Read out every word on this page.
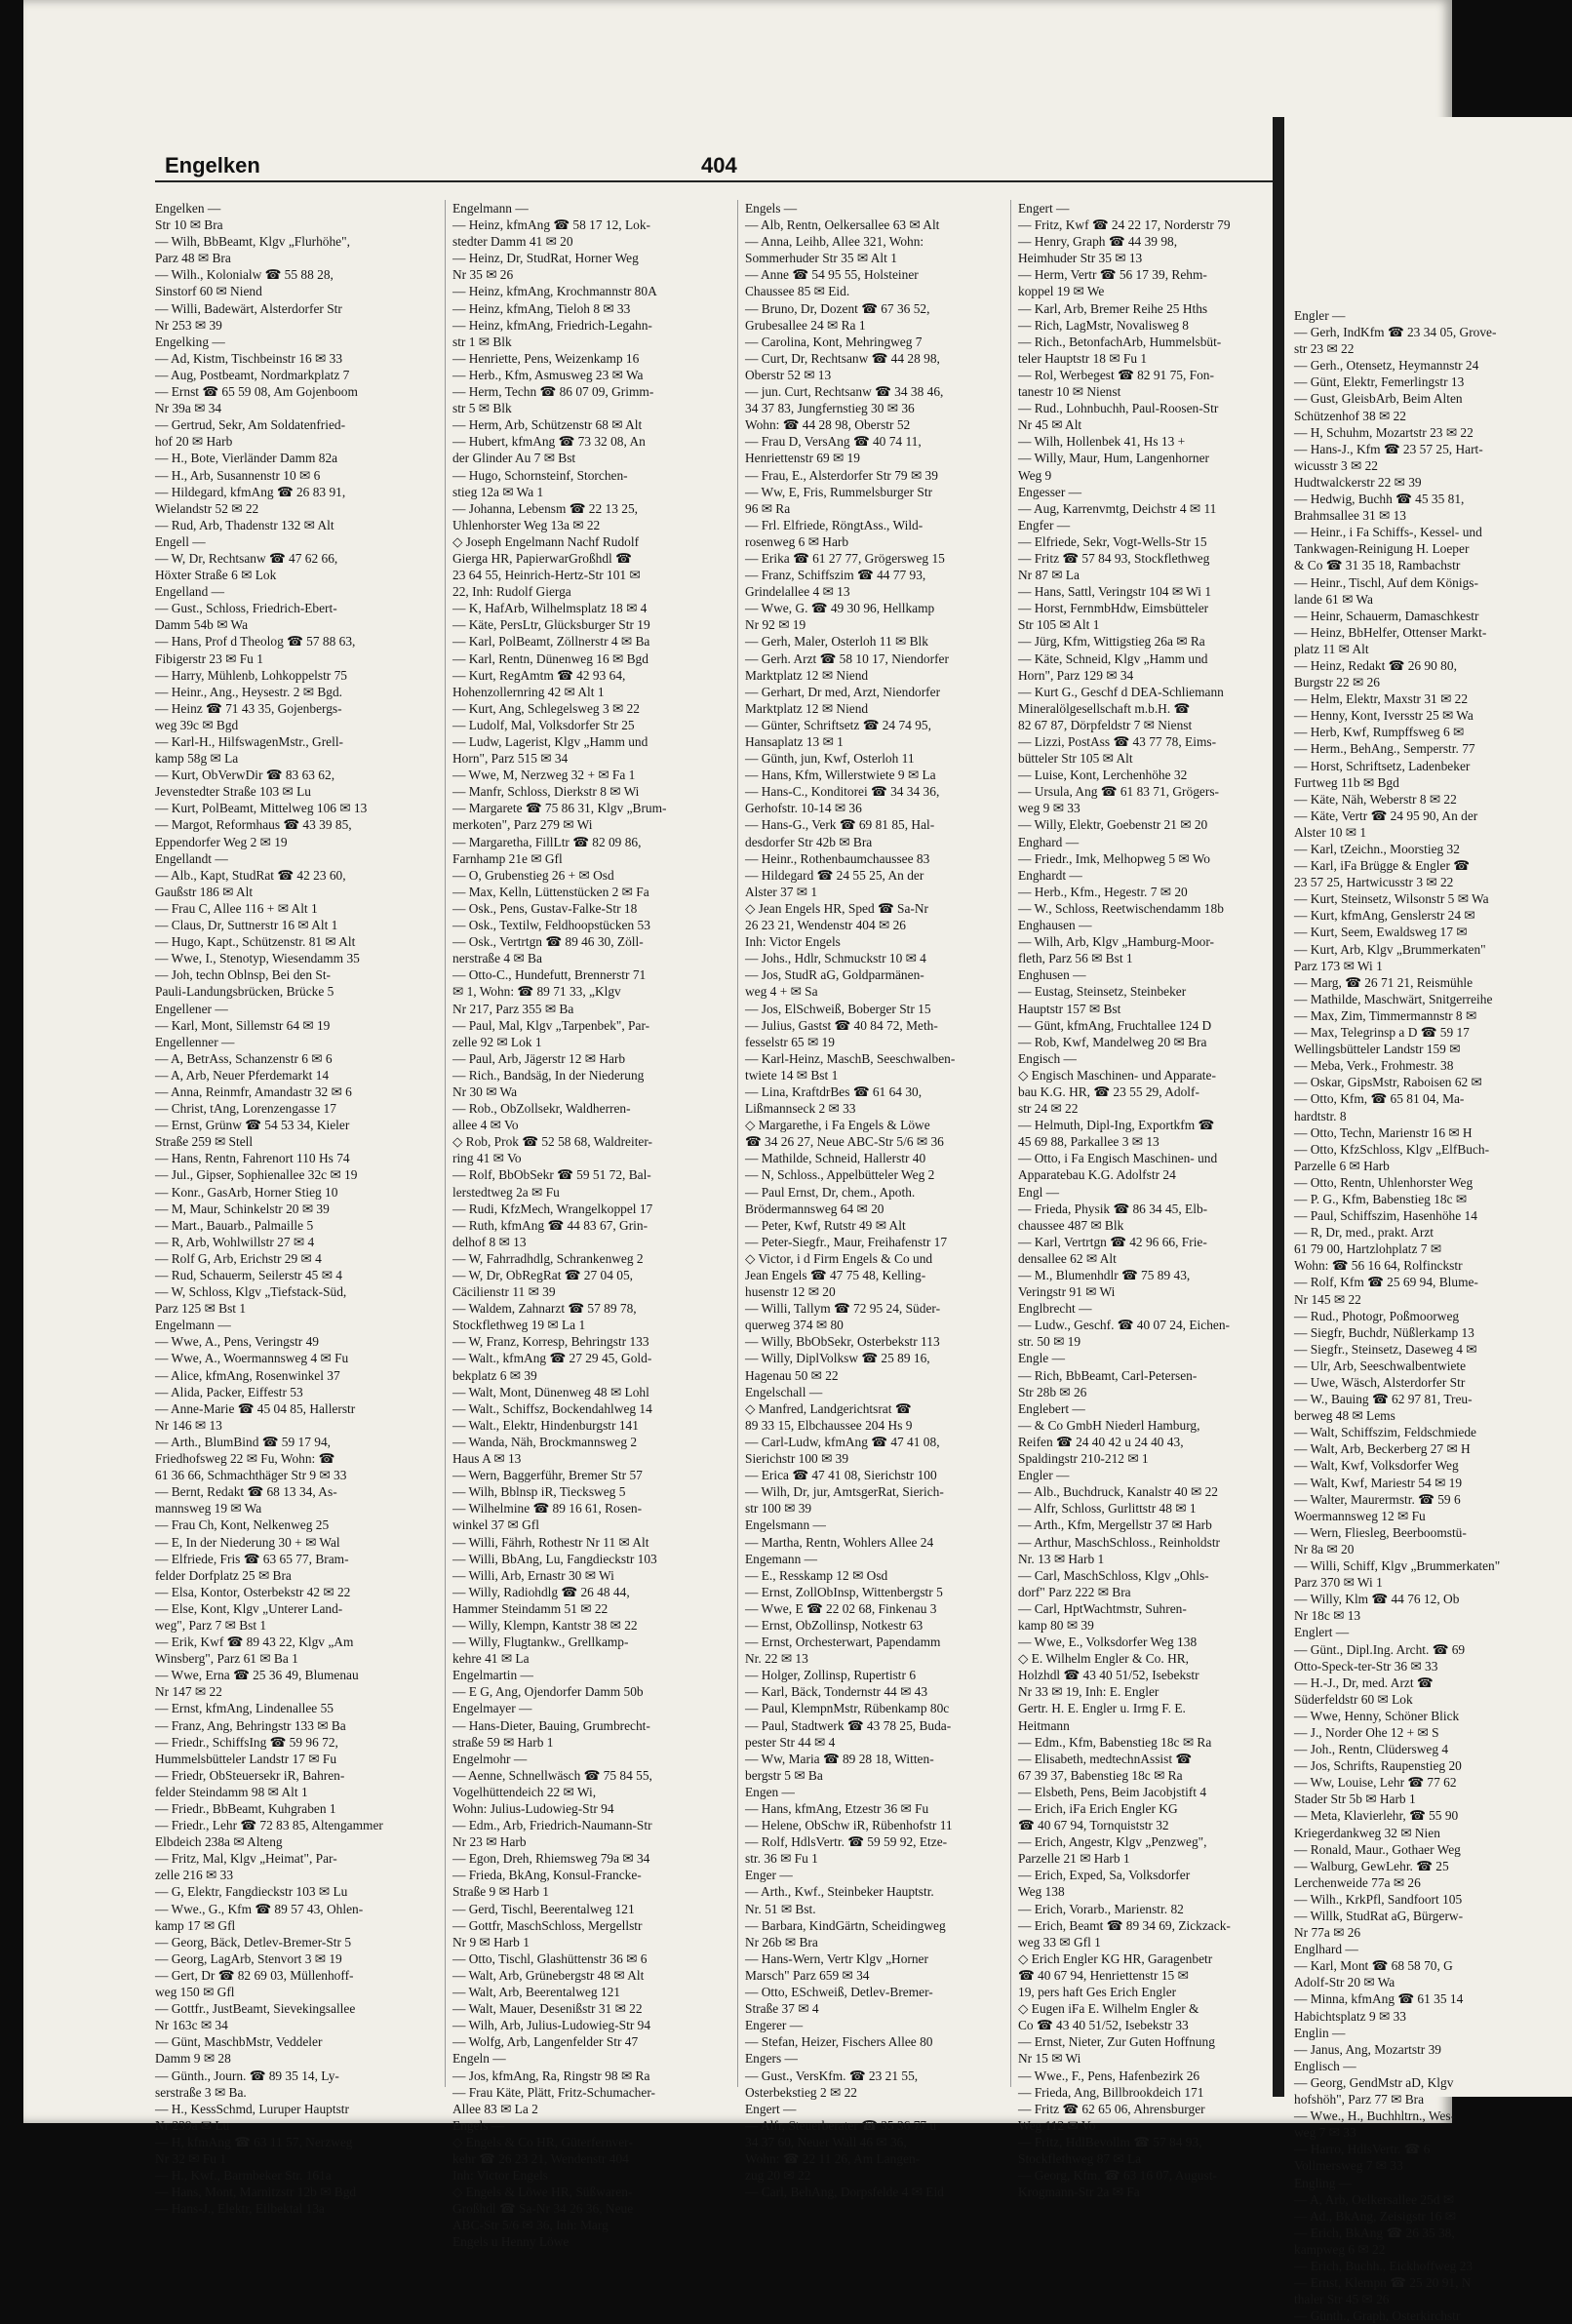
Engelken	404

Engelken —

Str 10 ✉ Bra

— Wilh, BbBeamt, Klgv „Flurhöhe",

Parz 48 ✉ Bra

— Wilh., Kolonialw ☎ 55 88 28,

Sinstorf 60 ✉ Niend

— Willi, Badewärt, Alsterdorfer Str

Nr 253 ✉ 39

Engelking —

— Ad, Kistm, Tischbeinstr 16 ✉ 33

— Aug, Postbeamt, Nordmarkplatz 7

— Ernst ☎ 65 59 08, Am Gojenboom

Nr 39a ✉ 34

— Gertrud, Sekr, Am Soldatenfried-

hof 20 ✉ Harb

— H., Bote, Vierländer Damm 82a

— H., Arb, Susannenstr 10 ✉ 6

— Hildegard, kfmAng ☎ 26 83 91,

Wielandstr 52 ✉ 22

— Rud, Arb, Thadenstr 132 ✉ Alt

Engell —

— W, Dr, Rechtsanw ☎ 47 62 66,

Höxter Straße 6 ✉ Lok

Engelland —

— Gust., Schloss, Friedrich-Ebert-

Damm 54b ✉ Wa

— Hans, Prof d Theolog ☎ 57 88 63,

Fibigerstr 23 ✉ Fu 1

— Harry, Mühlenb, Lohkoppelstr 75

— Heinr., Ang., Heysestr. 2 ✉ Bgd.

— Heinz ☎ 71 43 35, Gojenbergs-

weg 39c ✉ Bgd

— Karl-H., HilfswagenMstr., Grell-

kamp 58g ✉ La

— Kurt, ObVerwDir ☎ 83 63 62,

Jevenstedter Straße 103 ✉ Lu

— Kurt, PolBeamt, Mittelweg 106 ✉ 13

— Margot, Reformhaus ☎ 43 39 85,

Eppendorfer Weg 2 ✉ 19

Engellandt —

— Alb., Kapt, StudRat ☎ 42 23 60,

Gaußstr 186 ✉ Alt

— Frau C, Allee 116 + ✉ Alt 1

— Claus, Dr, Suttnerstr 16 ✉ Alt 1

— Hugo, Kapt., Schützenstr. 81 ✉ Alt

— Wwe, I., Stenotyp, Wiesendamm 35

— Joh, techn Oblnsp, Bei den St-

Pauli-Landungsbrücken, Brücke 5

Engellener —

— Karl, Mont, Sillemstr 64 ✉ 19

Engellenner —

— A, BetrAss, Schanzenstr 6 ✉ 6

— A, Arb, Neuer Pferdemarkt 14

— Anna, Reinmfr, Amandastr 32 ✉ 6

— Christ, tAng, Lorenzengasse 17

— Ernst, Grünw ☎ 54 53 34, Kieler

Straße 259 ✉ Stell

— Hans, Rentn, Fahrenort 110 Hs 74

— Jul., Gipser, Sophienallee 32c ✉ 19

— Konr., GasArb, Horner Stieg 10

— M, Maur, Schinkelstr 20 ✉ 39

— Mart., Bauarb., Palmaille 5

— R, Arb, Wohlwillstr 27 ✉ 4

— Rolf G, Arb, Erichstr 29 ✉ 4

— Rud, Schauerm, Seilerstr 45 ✉ 4

— W, Schloss, Klgv „Tiefstack-Süd,

Parz 125 ✉ Bst 1

Engelmann —

— Wwe, A., Pens, Veringstr 49

— Wwe, A., Woermannsweg 4 ✉ Fu

— Alice, kfmAng, Rosenwinkel 37

— Alida, Packer, Eiffestr 53

— Anne-Marie ☎ 45 04 85, Hallerstr

Nr 146 ✉ 13

— Arth., BlumBind ☎ 59 17 94,

Friedhofsweg 22 ✉ Fu, Wohn: ☎

61 36 66, Schmachthäger Str 9 ✉ 33

— Bernt, Redakt ☎ 68 13 34, As-

mannsweg 19 ✉ Wa

— Frau Ch, Kont, Nelkenweg 25

— E, In der Niederung 30 + ✉ Wal

— Elfriede, Fris ☎ 63 65 77, Bram-

felder Dorfplatz 25 ✉ Bra

— Elsa, Kontor, Osterbekstr 42 ✉ 22

— Else, Kont, Klgv „Unterer Land-

weg", Parz 7 ✉ Bst 1

— Erik, Kwf ☎ 89 43 22, Klgv „Am

Winsberg", Parz 61 ✉ Ba 1

— Wwe, Erna ☎ 25 36 49, Blumenau

Nr 147 ✉ 22

— Ernst, kfmAng, Lindenallee 55

— Franz, Ang, Behringstr 133 ✉ Ba

— Friedr., SchiffsIng ☎ 59 96 72,

Hummelsbütteler Landstr 17 ✉ Fu

— Friedr, ObSteuersekr iR, Bahren-

felder Steindamm 98 ✉ Alt 1

— Friedr., BbBeamt, Kuhgraben 1

— Friedr., Lehr ☎ 72 83 85, Altengammer

Elbdeich 238a ✉ Alteng

— Fritz, Mal, Klgv „Heimat", Par-

zelle 216 ✉ 33

— G, Elektr, Fangdieckstr 103 ✉ Lu

— Wwe., G., Kfm ☎ 89 57 43, Ohlen-

kamp 17 ✉ Gfl

— Georg, Bäck, Detlev-Bremer-Str 5

— Georg, LagArb, Stenvort 3 ✉ 19

— Gert, Dr ☎ 82 69 03, Müllenhoff-

weg 150 ✉ Gfl

— Gottfr., JustBeamt, Sievekingsallee

Nr 163c ✉ 34

— Günt, MaschbMstr, Veddeler

Damm 9 ✉ 28

— Günth., Journ. ☎ 89 35 14, Ly-

serstraße 3 ✉ Ba.

— H., KessSchmd, Luruper Hauptstr

Nr 239a ✉ Lu

— H, kfmAng ☎ 63 11 57, Nerzweg

Nr 32 ✉ Fu 1

— H., Kwf., Barmbeker Str. 161a

— Hans, Mont, Marnitzstr 12b ✉ Bgd

— Hans-J., Elektr, Eilbektal 13a

Engelmann —

— Heinz, kfmAng ☎ 58 17 12, Lok-

stedter Damm 41 ✉ 20

— Heinz, Dr, StudRat, Horner Weg

Nr 35 ✉ 26

— Heinz, kfmAng, Krochmannstr 80A

— Heinz, kfmAng, Tieloh 8 ✉ 33

— Heinz, kfmAng, Friedrich-Legahn-

str 1 ✉ Blk

— Henriette, Pens, Weizenkamp 16

— Herb., Kfm, Asmusweg 23 ✉ Wa

— Herm, Techn ☎ 86 07 09, Grimm-

str 5 ✉ Blk

— Herm, Arb, Schützenstr 68 ✉ Alt

— Hubert, kfmAng ☎ 73 32 08, An

der Glinder Au 7 ✉ Bst

— Hugo, Schornsteinf, Storchen-

stieg 12a ✉ Wa 1

— Johanna, Lebensm ☎ 22 13 25,

Uhlenhorster Weg 13a ✉ 22

◇ Joseph Engelmann Nachf Rudolf

Gierga HR, PapierwarGroßhdl ☎

23 64 55, Heinrich-Hertz-Str 101 ✉

22, Inh: Rudolf Gierga

— K, HafArb, Wilhelmsplatz 18 ✉ 4

— Käte, PersLtr, Glücksburger Str 19

— Karl, PolBeamt, Zöllnerstr 4 ✉ Ba

— Karl, Rentn, Dünenweg 16 ✉ Bgd

— Kurt, RegAmtm ☎ 42 93 64,

Hohenzollernring 42 ✉ Alt 1

— Kurt, Ang, Schlegelsweg 3 ✉ 22

— Ludolf, Mal, Volksdorfer Str 25

— Ludw, Lagerist, Klgv „Hamm und

Horn", Parz 515 ✉ 34

— Wwe, M, Nerzweg 32 + ✉ Fa 1

— Manfr, Schloss, Dierkstr 8 ✉ Wi

— Margarete ☎ 75 86 31, Klgv „Brum-

merkoten", Parz 279 ✉ Wi

— Margaretha, FillLtr ☎ 82 09 86,

Farnhamp 21e ✉ Gfl

— O, Grubenstieg 26 + ✉ Osd

— Max, Kelln, Lüttenstücken 2 ✉ Fa

— Osk., Pens, Gustav-Falke-Str 18

— Osk., Textilw, Feldhoopstücken 53

— Osk., Vertrtgn ☎ 89 46 30, Zöll-

nerstraße 4 ✉ Ba

— Otto-C., Hundefutt, Brennerstr 71

✉ 1, Wohn: ☎ 89 71 33, „Klgv

Nr 217, Parz 355 ✉ Ba

— Paul, Mal, Klgv „Tarpenbek", Par-

zelle 92 ✉ Lok 1

— Paul, Arb, Jägerstr 12 ✉ Harb

— Rich., Bandsäg, In der Niederung

Nr 30 ✉ Wa

— Rob., ObZollsekr, Waldherren-

allee 4 ✉ Vo

◇ Rob, Prok ☎ 52 58 68, Waldreiter-

ring 41 ✉ Vo

— Rolf, BbObSekr ☎ 59 51 72, Bal-

lerstedtweg 2a ✉ Fu

— Rudi, KfzMech, Wrangelkoppel 17

— Ruth, kfmAng ☎ 44 83 67, Grin-

delhof 8 ✉ 13

— W, Fahrradhdlg, Schrankenweg 2

— W, Dr, ObRegRat ☎ 27 04 05,

Cäcilienstr 11 ✉ 39

— Waldem, Zahnarzt ☎ 57 89 78,

Stockflethweg 19 ✉ La 1

— W, Franz, Korresp, Behringstr 133

— Walt., kfmAng ☎ 27 29 45, Gold-

bekplatz 6 ✉ 39

— Walt, Mont, Dünenweg 48 ✉ Lohl

— Walt., Schiffsz, Bockendahlweg 14

— Walt., Elektr, Hindenburgstr 141

— Wanda, Näh, Brockmannsweg 2

Haus A ✉ 13

— Wern, Baggerführ, Bremer Str 57

— Wilh, Bblnsp iR, Tiecksweg 5

— Wilhelmine ☎ 89 16 61, Rosen-

winkel 37 ✉ Gfl

— Willi, Fährh, Rothestr Nr 11 ✉ Alt

— Willi, BbAng, Lu, Fangdieckstr 103

— Willi, Arb, Ernastr 30 ✉ Wi

— Willy, Radiohdlg ☎ 26 48 44,

Hammer Steindamm 51 ✉ 22

— Willy, Klempn, Kantstr 38 ✉ 22

— Willy, Flugtankw., Grellkamp-

kehre 41 ✉ La

Engelmartin —

— E G, Ang, Ojendorfer Damm 50b

Engelmayer —

— Hans-Dieter, Bauing, Grumbrecht-

straße 59 ✉ Harb 1

Engelmohr —

— Aenne, Schnellwäsch ☎ 75 84 55,

Vogelhüttendeich 22 ✉ Wi,

Wohn: Julius-Ludowieg-Str 94

— Edm., Arb, Friedrich-Naumann-Str

Nr 23 ✉ Harb

— Egon, Dreh, Rhiemsweg 79a ✉ 34

— Frieda, BkAng, Konsul-Francke-

Straße 9 ✉ Harb 1

— Gerd, Tischl, Beerentalweg 121

— Gottfr, MaschSchloss, Mergellstr

Nr 9 ✉ Harb 1

— Otto, Tischl, Glashüttenstr 36 ✉ 6

— Walt, Arb, Grünebergstr 48 ✉ Alt

— Walt, Arb, Beerentalweg 121

— Walt, Mauer, Desenißstr 31 ✉ 22

— Wilh, Arb, Julius-Ludowieg-Str 94

— Wolfg, Arb, Langenfelder Str 47

Engeln —

— Jos, kfmAng, Ra, Ringstr 98 ✉ Ra

— Frau Käte, Plätt, Fritz-Schumacher-

Allee 83 ✉ La 2

Engels —

◇ Engels & Co HR, Güterfernver-

kehr ☎ 26 23 21, Wendenstr 404

Inh: Victor Engels

◇ Engels & Löwe HR, Süßwaren-

Großhdl ☎ Sa-Nr 34 26 36, Neue

ABC-Str 5/6 ✉ 36, Inh: Marg

Engels u Henny Löwe

Engels —

— Alb, Rentn, Oelkersallee 63 ✉ Alt

— Anna, Leihb, Allee 321, Wohn:

Sommerhuder Str 35 ✉ Alt 1

— Anne ☎ 54 95 55, Holsteiner

Chaussee 85 ✉ Eid.

— Bruno, Dr, Dozent ☎ 67 36 52,

Grubesallee 24 ✉ Ra 1

— Carolina, Kont, Mehringweg 7

— Curt, Dr, Rechtsanw ☎ 44 28 98,

Oberstr 52 ✉ 13

— jun. Curt, Rechtsanw ☎ 34 38 46,

34 37 83, Jungfernstieg 30 ✉ 36

Wohn: ☎ 44 28 98, Oberstr 52

— Frau D, VersAng ☎ 40 74 11,

Henriettenstr 69 ✉ 19

— Frau, E., Alsterdorfer Str 79 ✉ 39

— Ww, E, Fris, Rummelsburger Str

96 ✉ Ra

— Frl. Elfriede, RöngtAss., Wild-

rosenweg 6 ✉ Harb

— Erika ☎ 61 27 77, Grögersweg 15

— Franz, Schiffszim ☎ 44 77 93,

Grindelallee 4 ✉ 13

— Wwe, G. ☎ 49 30 96, Hellkamp

Nr 92 ✉ 19

— Gerh, Maler, Osterloh 11 ✉ Blk

— Gerh. Arzt ☎ 58 10 17, Niendorfer

Marktplatz 12 ✉ Niend

— Gerhart, Dr med, Arzt, Niendorfer

Marktplatz 12 ✉ Niend

— Günter, Schriftsetz ☎ 24 74 95,

Hansaplatz 13 ✉ 1

— Günth, jun, Kwf, Osterloh 11

— Hans, Kfm, Willerstwiete 9 ✉ La

— Hans-C., Konditorei ☎ 34 34 36,

Gerhofstr. 10-14 ✉ 36

— Hans-G., Verk ☎ 69 81 85, Hal-

desdorfer Str 42b ✉ Bra

— Heinr., Rothenbaumchaussee 83

— Hildegard ☎ 24 55 25, An der

Alster 37 ✉ 1

◇ Jean Engels HR, Sped ☎ Sa-Nr

26 23 21, Wendenstr 404 ✉ 26

Inh: Victor Engels

— Johs., Hdlr, Schmuckstr 10 ✉ 4

— Jos, StudR aG, Goldparmänen-

weg 4 + ✉ Sa

— Jos, ElSchweiß, Boberger Str 15

— Julius, Gastst ☎ 40 84 72, Meth-

fesselstr 65 ✉ 19

— Karl-Heinz, MaschB, Seeschwalben-

twiete 14 ✉ Bst 1

— Lina, KraftdrBes ☎ 61 64 30,

Lißmannseck 2 ✉ 33

◇ Margarethe, i Fa Engels & Löwe

☎ 34 26 27, Neue ABC-Str 5/6 ✉ 36

— Mathilde, Schneid, Hallerstr 40

— N, Schloss., Appelbütteler Weg 2

— Paul Ernst, Dr, chem., Apoth.

Brödermannsweg 64 ✉ 20

— Peter, Kwf, Rutstr 49 ✉ Alt

— Peter-Siegfr., Maur, Freihafenstr 17

◇ Victor, i d Firm Engels & Co und

Jean Engels ☎ 47 75 48, Kelling-

husenstr 12 ✉ 20

— Willi, Tallym ☎ 72 95 24, Süder-

querweg 374 ✉ 80

— Willy, BbObSekr, Osterbekstr 113

— Willy, DiplVolksw ☎ 25 89 16,

Hagenau 50 ✉ 22

Engelschall —

◇ Manfred, Landgerichtsrat ☎

89 33 15, Elbchaussee 204 Hs 9

— Carl-Ludw, kfmAng ☎ 47 41 08,

Sierichstr 100 ✉ 39

— Erica ☎ 47 41 08, Sierichstr 100

— Wilh, Dr, jur, AmtsgerRat, Sierich-

str 100 ✉ 39

Engelsmann —

— Martha, Rentn, Wohlers Allee 24

Engemann —

— E., Resskamp 12 ✉ Osd

— Ernst, ZollObInsp, Wittenbergstr 5

— Wwe, E ☎ 22 02 68, Finkenau 3

— Ernst, ObZollinsp, Notkestr 63

— Ernst, Orchesterwart, Papendamm

Nr. 22 ✉ 13

— Holger, Zollinsp, Rupertistr 6

— Karl, Bäck, Tondernstr 44 ✉ 43

— Paul, KlempnMstr, Rübenkamp 80c

— Paul, Stadtwerk ☎ 43 78 25, Buda-

pester Str 44 ✉ 4

— Ww, Maria ☎ 89 28 18, Witten-

bergstr 5 ✉ Ba

Engen —

— Hans, kfmAng, Etzestr 36 ✉ Fu

— Helene, ObSchw iR, Rübenhofstr 11

— Rolf, HdlsVertr. ☎ 59 59 92, Etze-

str. 36 ✉ Fu 1

Enger —

— Arth., Kwf., Steinbeker Hauptstr.

Nr. 51 ✉ Bst.

— Barbara, KindGärtn, Scheidingweg

Nr 26b ✉ Bra

— Hans-Wern, Vertr Klgv „Horner

Marsch" Parz 659 ✉ 34

— Otto, ESchweiß, Detlev-Bremer-

Straße 37 ✉ 4

Engerer —

— Stefan, Heizer, Fischers Allee 80

Engers —

— Gust., VersKfm. ☎ 23 21 55,

Osterbekstieg 2 ✉ 22

Engert —

— Alfr, Steuerberater ☎ 35 36 77 u

34 37 60, Neuer Wall 46 ✉ 36,

Wohn: ☎ 22 11 26, Am Langen-

zug 20 ✉ 22

— Carl, BehAng, Dorpsfelde 4 ✉ Eid

Engert —

— Fritz, Kwf ☎ 24 22 17, Norderstr 79

— Henry, Graph ☎ 44 39 98,

Heimhuder Str 35 ✉ 13

— Herm, Vertr ☎ 56 17 39, Rehm-

koppel 19 ✉ We

— Karl, Arb, Bremer Reihe 25 Hths

— Rich, LagMstr, Novalisweg 8

— Rich., BetonfachArb, Hummelsbüt-

teler Hauptstr 18 ✉ Fu 1

— Rol, Werbegest ☎ 82 91 75, Fon-

tanestr 10 ✉ Nienst

— Rud., Lohnbuchh, Paul-Roosen-Str

Nr 45 ✉ Alt

— Wilh, Hollenbek 41, Hs 13 +

— Willy, Maur, Hum, Langenhorner

Weg 9

Engesser —

— Aug, Karrenvmtg, Deichstr 4 ✉ 11

Engfer —

— Elfriede, Sekr, Vogt-Wells-Str 15

— Fritz ☎ 57 84 93, Stockflethweg

Nr 87 ✉ La

— Hans, Sattl, Veringstr 104 ✉ Wi 1

— Horst, FernmbHdw, Eimsbütteler

Str 105 ✉ Alt 1

— Jürg, Kfm, Wittigstieg 26a ✉ Ra

— Käte, Schneid, Klgv „Hamm und

Horn", Parz 129 ✉ 34

— Kurt G., Geschf d DEA-Schliemann

Mineralölgesellschaft m.b.H. ☎

82 67 87, Dörpfeldstr 7 ✉ Nienst

— Lizzi, PostAss ☎ 43 77 78, Eims-

bütteler Str 105 ✉ Alt

— Luise, Kont, Lerchenhöhe 32

— Ursula, Ang ☎ 61 83 71, Grögers-

weg 9 ✉ 33

— Willy, Elektr, Goebenstr 21 ✉ 20

Enghard —

— Friedr., Imk, Melhopweg 5 ✉ Wo

Enghardt —

— Herb., Kfm., Hegestr. 7 ✉ 20

— W., Schloss, Reetwischendamm 18b

Enghausen —

— Wilh, Arb, Klgv „Hamburg-Moor-

fleth, Parz 56 ✉ Bst 1

Enghusen —

— Eustag, Steinsetz, Steinbeker

Hauptstr 157 ✉ Bst

— Günt, kfmAng, Fruchtallee 124 D

— Rob, Kwf, Mandelweg 20 ✉ Bra

Engisch —

◇ Engisch Maschinen- und Apparate-

bau K.G. HR, ☎ 23 55 29, Adolf-

str 24 ✉ 22

— Helmuth, Dipl-Ing, Exportkfm ☎

45 69 88, Parkallee 3 ✉ 13

— Otto, i Fa Engisch Maschinen- und

Apparatebau K.G. Adolfstr 24

Engl —

— Frieda, Physik ☎ 86 34 45, Elb-

chaussee 487 ✉ Blk

— Karl, Vertrtgn ☎ 42 96 66, Frie-

densallee 62 ✉ Alt

— M., Blumenhdlr ☎ 75 89 43,

Veringstr 91 ✉ Wi

Englbrecht —

— Ludw., Geschf. ☎ 40 07 24, Eichen-

str. 50 ✉ 19

Engle —

— Rich, BbBeamt, Carl-Petersen-

Str 28b ✉ 26

Englebert —

— & Co GmbH Niederl Hamburg,

Reifen ☎ 24 40 42 u 24 40 43,

Spaldingstr 210-212 ✉ 1

Engler —

— Alb., Buchdruck, Kanalstr 40 ✉ 22

— Alfr, Schloss, Gurlittstr 48 ✉ 1

— Arth., Kfm, Mergellstr 37 ✉ Harb

— Arthur, MaschSchloss., Reinholdstr

Nr. 13 ✉ Harb 1

— Carl, MaschSchloss, Klgv „Ohls-

dorf" Parz 222 ✉ Bra

— Carl, HptWachtmstr, Suhren-

kamp 80 ✉ 39

— Wwe, E., Volksdorfer Weg 138

◇ E. Wilhelm Engler & Co. HR,

Holzhdl ☎ 43 40 51/52, Isebekstr

Nr 33 ✉ 19, Inh: E. Engler

Gertr. H. E. Engler u. Irmg F. E.

Heitmann

— Edm., Kfm, Babenstieg 18c ✉ Ra

— Elisabeth, medtechnAssist ☎

67 39 37, Babenstieg 18c ✉ Ra

— Elsbeth, Pens, Beim Jacobjstift 4

— Erich, iFa Erich Engler KG

☎ 40 67 94, Tornquiststr 32

— Erich, Angestr, Klgv „Penzweg",

Parzelle 21 ✉ Harb 1

— Erich, Exped, Sa, Volksdorfer

Weg 138

— Erich, Vorarb., Marienstr. 82

— Erich, Beamt ☎ 89 34 69, Zickzack-

weg 33 ✉ Gfl 1

◇ Erich Engler KG HR, Garagenbetr

☎ 40 67 94, Henriettenstr 15 ✉

19, pers haft Ges Erich Engler

◇ Eugen iFa E. Wilhelm Engler &

Co ☎ 43 40 51/52, Isebekstr 33

— Ernst, Nieter, Zur Guten Hoffnung

Nr 15 ✉ Wi

— Wwe., F., Pens, Hafenbezirk 26

— Frieda, Ang, Billbrookdeich 171

— Fritz ☎ 62 65 06, Ahrensburger

Weg 112 ✉ Vo

— Fritz, HdlBevollm ☎ 57 84 93,

Stockflethweg 87 ✉ La

— Georg, Kfm. ☎ 63 16 07, August-

Krogmann-Str 2a ✉ Fa

Engler —

— Gerh, IndKfm ☎ 23 34 05, Grove-

str 23 ✉ 22

— Gerh., Otensetz, Heymannstr 24

— Günt, Elektr, Femerlingstr 13

— Gust, GleisbArb, Beim Alten

Schützenhof 38 ✉ 22

— H, Schuhm, Mozartstr 23 ✉ 22

— Hans-J., Kfm ☎ 23 57 25, Hart-

wicusstr 3 ✉ 22

Hudtwalckerstr 22 ✉ 39

— Hedwig, Buchh ☎ 45 35 81,

Brahmsallee 31 ✉ 13

— Heinr., i Fa Schiffs-, Kessel- und

Tankwagen-Reinigung H. Loeper

& Co ☎ 31 35 18, Rambachstr

— Heinr., Tischl, Auf dem Königs-

lande 61 ✉ Wa

— Heinr, Schauerm, Damaschkestr

— Heinz, BbHelfer, Ottenser Markt-

platz 11 ✉ Alt

— Heinz, Redakt ☎ 26 90 80,

Burgstr 22 ✉ 26

— Helm, Elektr, Maxstr 31 ✉ 22

— Henny, Kont, Iversstr 25 ✉ Wa

— Herb, Kwf, Rumpffsweg 6 ✉

— Herm., BehAng., Semperstr. 77

— Horst, Schriftsetz, Ladenbeker

Furtweg 11b ✉ Bgd

— Käte, Näh, Weberstr 8 ✉ 22

— Käte, Vertr ☎ 24 95 90, An der

Alster 10 ✉ 1

— Karl, tZeichn., Moorstieg 32

— Karl, iFa Brügge & Engler ☎

23 57 25, Hartwicusstr 3 ✉ 22

— Kurt, Steinsetz, Wilsonstr 5 ✉ Wa

— Kurt, kfmAng, Genslerstr 24 ✉

— Kurt, Seem, Ewaldsweg 17 ✉

— Kurt, Arb, Klgv „Brummerkaten"

Parz 173 ✉ Wi 1

— Marg, ☎ 26 71 21, Reismühle

— Mathilde, Maschwärt, Snitgerreihe

— Max, Zim, Timmermannstr 8 ✉

— Max, Telegrinsp a D ☎ 59 17

Wellingsbütteler Landstr 159 ✉

— Meba, Verk., Frohmestr. 38

— Oskar, GipsMstr, Raboisen 62 ✉

— Otto, Kfm, ☎ 65 81 04, Ma-

hardtstr. 8

— Otto, Techn, Marienstr 16 ✉ H

— Otto, KfzSchloss, Klgv „ElfBuch-

Parzelle 6 ✉ Harb

— Otto, Rentn, Uhlenhorster Weg

— P. G., Kfm, Babenstieg 18c ✉

— Paul, Schiffszim, Hasenhöhe 14

— R, Dr, med., prakt. Arzt

61 79 00, Hartzlohplatz 7 ✉

Wohn: ☎ 56 16 64, Rolfinckstr

— Rolf, Kfm ☎ 25 69 94, Blume-

Nr 145 ✉ 22

— Rud., Photogr, Poßmoorweg

— Siegfr, Buchdr, Nüßlerkamp 13

— Siegfr., Steinsetz, Daseweg 4 ✉

— Ulr, Arb, Seeschwalbentwiete

— Uwe, Wäsch, Alsterdorfer Str

— W., Bauing ☎ 62 97 81, Treu-

berweg 48 ✉ Lems

— Walt, Schiffszim, Feldschmiede

— Walt, Arb, Beckerberg 27 ✉ H

— Walt, Kwf, Volksdorfer Weg

— Walt, Kwf, Mariestr 54 ✉ 19

— Walter, Maurermstr. ☎ 59 6

Woermannsweg 12 ✉ Fu

— Wern, Fliesleg, Beerboomstü-

Nr 8a ✉ 20

— Willi, Schiff, Klgv „Brummerkaten"

Parz 370 ✉ Wi 1

— Willy, Klm ☎ 44 76 12, Ob

Nr 18c ✉ 13

Englert —

— Günt., Dipl.Ing. Archt. ☎ 69

Otto-Speck-ter-Str 36 ✉ 33

— H.-J., Dr, med. Arzt ☎

Süderfeldstr 60 ✉ Lok

— Wwe, Henny, Schöner Blick

— J., Norder Ohe 12 + ✉ S

— Joh., Rentn, Clüdersweg 4

— Jos, Schrifts, Raupenstieg 20

— Ww, Louise, Lehr ☎ 77 62

Stader Str 5b ✉ Harb 1

— Meta, Klavierlehr, ☎ 55 90

Kriegerdankweg 32 ✉ Nien

— Ronald, Maur., Gothaer Weg

— Walburg, GewLehr. ☎ 25

Lerchenweide 77a ✉ 26

— Wilh., KrkPfl, Sandfoort 105

— Willk, StudRat aG, Bürgerw-

Nr 77a ✉ 26

Englhard —

— Karl, Mont ☎ 68 58 70, G

Adolf-Str 20 ✉ Wa

— Minna, kfmAng ☎ 61 35 14

Habichtsplatz 9 ✉ 33

Englin —

— Janus, Ang, Mozartstr 39

Englisch —

— Georg, GendMstr aD, Klgv

hofshöh", Parz 77 ✉ Bra

— Wwe., H., Buchhltrn., Wes-

weg 7 ✉ 33

— Harro, HdlsVertr. ☎ 6

Vollmersweg 7 ✉ 33

Engling —

— A, Arb, Oelkersallee 25d ✉

— Ad., BkAng, Zeisigstr 16 ✉

— Erich, BkAng ☎ 26 35 38,

kampweg 6 ✉ 22

— Erich, Buchh., Eickhoffweg 23

— Ernst, Klempn ☎ 25 20 91, N

thaler Str 45 ✉ 26

— Günth., Graph, Osterkirchstr
